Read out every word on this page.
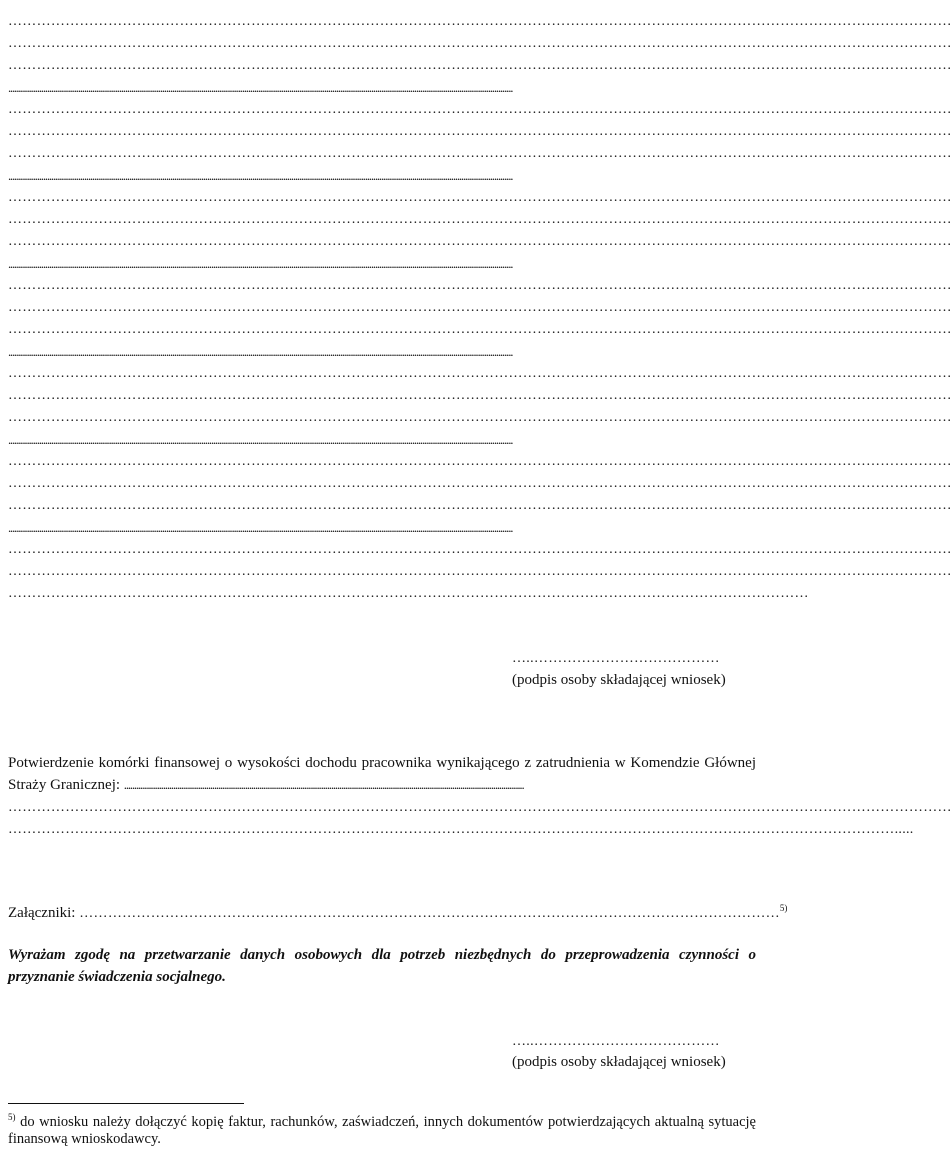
………………………………………………………………………………………………………………………………………………………………………………
………………………………………………………………………………………………………………………………………………………………………………
………………………………………………………………………………………………………………………………………………………………………………
......................................................................................................................................................................................................................................................
………………………………………………………………………………………………………………………………………………………………………………
………………………………………………………………………………………………………………………………………………………………………………
………………………………………………………………………………………………………………………………………………………………………………
......................................................................................................................................................................................................................................................
………………………………………………………………………………………………………………………………………………………………………………
………………………………………………………………………………………………………………………………………………………………………………
………………………………………………………………………………………………………………………………………………………………………………
......................................................................................................................................................................................................................................................
………………………………………………………………………………………………………………………………………………………………………………
………………………………………………………………………………………………………………………………………………………………………………
………………………………………………………………………………………………………………………………………………………………………………
......................................................................................................................................................................................................................................................
………………………………………………………………………………………………………………………………………………………………………………
………………………………………………………………………………………………………………………………………………………………………………
………………………………………………………………………………………………………………………………………………………………………………
......................................................................................................................................................................................................................................................
………………………………………………………………………………………………………………………………………………………………………………
………………………………………………………………………………………………………………………………………………………………………………
………………………………………………………………………………………………………………………………………………………………………………
......................................................................................................................................................................................................................................................
………………………………………………………………………………………………………………………………………………………………………………
………………………………………………………………………………………………………………………………………………………………………………
……………………………………………………………………………………………………………………………………………………
…..…………………………………
(podpis osoby składającej wniosek)
Potwierdzenie komórki finansowej o wysokości dochodu pracownika wynikającego z zatrudnienia w Komendzie Głównej Straży Granicznej: ...................................................................................................................................................................................................
………………………………………………………………………………………………………………………………………………………………………………
…………………………………………………………………………………………………………………………………………………………………….....
Załączniki: …………………………………………………………………………………………………………………………………$^{5)}$
Wyrażam zgodę na przetwarzanie danych osobowych dla potrzeb niezbędnych do przeprowadzenia czynności o przyznanie świadczenia socjalnego.
…..…………………………………
(podpis osoby składającej wniosek)
$^{5)}$ do wniosku należy dołączyć kopię faktur, rachunków, zaświadczeń, innych dokumentów potwierdzających aktualną sytuację finansową wnioskodawcy.
